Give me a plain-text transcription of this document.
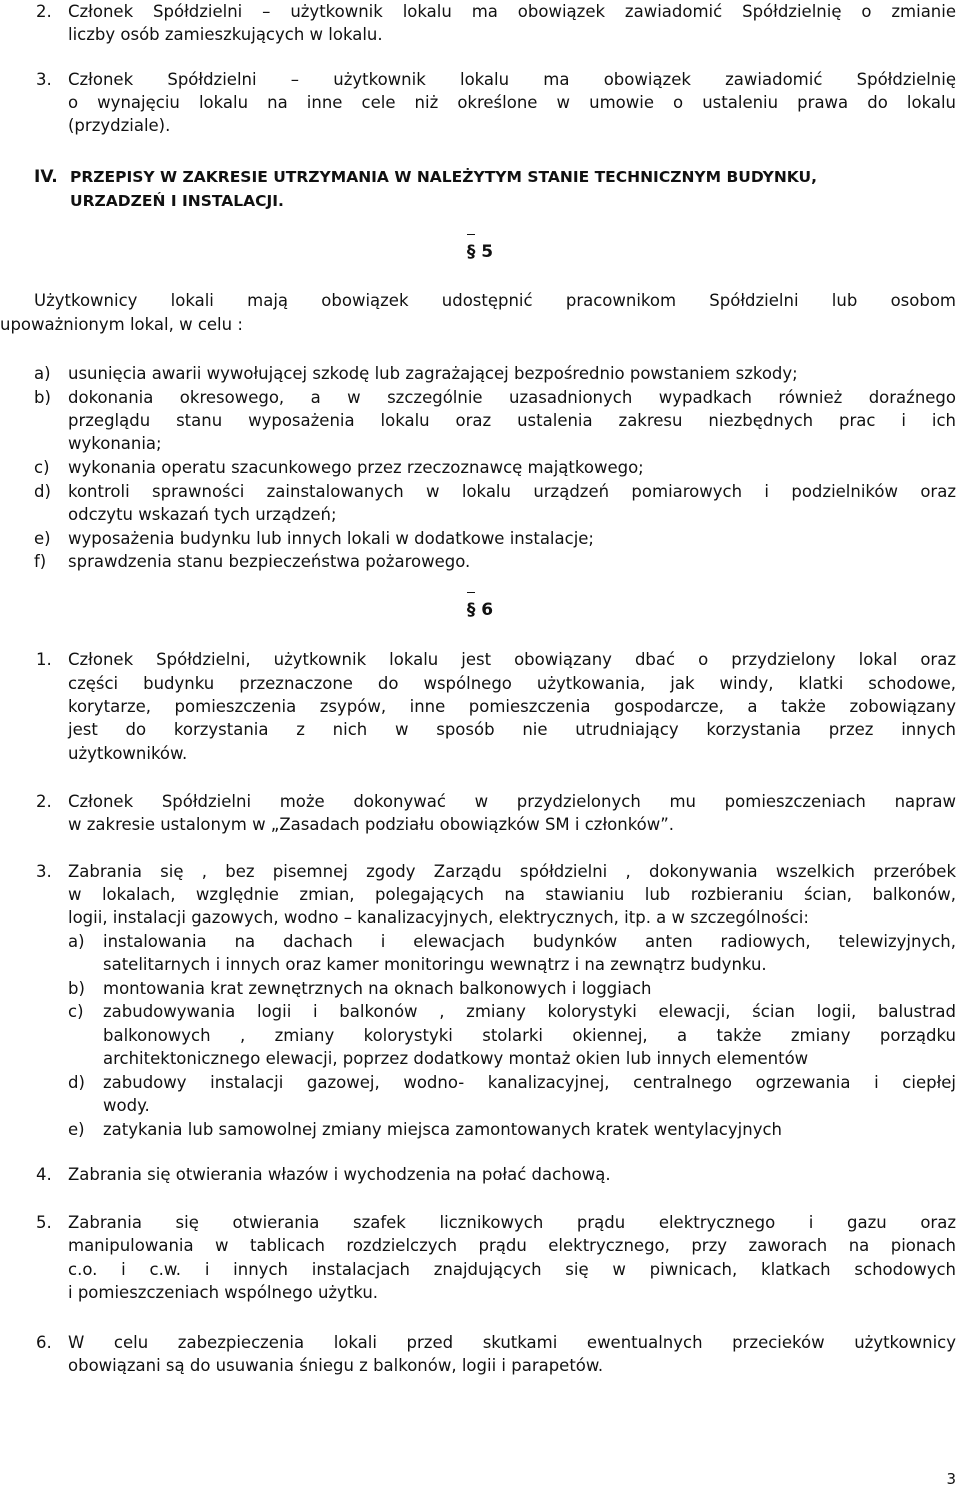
2. Członek Spółdzielni – użytkownik lokalu ma obowiązek zawiadomić Spółdzielnię o zmianie
liczby osób zamieszkujących w lokalu.
3. Członek Spółdzielni – użytkownik lokalu ma obowiązek zawiadomić Spółdzielnię
o wynajęciu lokalu na inne cele niż określone w umowie o ustaleniu prawa do lokalu
(przydziale).
IV. PRZEPISY W ZAKRESIE UTRZYMANIA W NALEŻYTYM STANIE TECHNICZNYM BUDYNKU,
URZADZEŃ I INSTALACJI.
§ 5
Użytkownicy lokali mają obowiązek udostępnić pracownikom Spółdzielni lub osobom
upoważnionym lokal, w celu :
a) usunięcia awarii wywołującej szkodę lub zagrażającej bezpośrednio powstaniem szkody;
b) dokonania okresowego, a w szczególnie uzasadnionych wypadkach również doraźnego
przeglądu stanu wyposażenia lokalu oraz ustalenia zakresu niezbędnych prac i ich
wykonania;
c) wykonania operatu szacunkowego przez rzeczoznawcę majątkowego;
d) kontroli sprawności zainstalowanych w lokalu urządzeń pomiarowych i podzielników oraz
odczytu wskazań tych urządzeń;
e) wyposażenia budynku lub innych lokali w dodatkowe instalacje;
f) sprawdzenia stanu bezpieczeństwa pożarowego.
§ 6
1. Członek Spółdzielni, użytkownik lokalu jest obowiązany dbać o przydzielony lokal oraz
części budynku przeznaczone do wspólnego użytkowania, jak windy, klatki schodowe,
korytarze, pomieszczenia zsypów, inne pomieszczenia gospodarcze, a także zobowiązany
jest do korzystania z nich w sposób nie utrudniający korzystania przez innych
użytkowników.
2. Członek Spółdzielni może dokonywać w przydzielonych mu pomieszczeniach napraw
w zakresie ustalonym w „Zasadach podziału obowiązków SM i członków”.
3. Zabrania się , bez pisemnej zgody Zarządu spółdzielni , dokonywania wszelkich przeróbek
w lokalach, względnie zmian, polegających na stawianiu lub rozbieraniu ścian, balkonów,
logii, instalacji gazowych, wodno – kanalizacyjnych, elektrycznych, itp. a w szczególności:
a) instalowania na dachach i elewacjach budynków anten radiowych, telewizyjnych,
satelitarnych i innych oraz kamer monitoringu wewnątrz i na zewnątrz budynku.
b) montowania krat zewnętrznych na oknach balkonowych i loggiach
c) zabudowywania logii i balkonów , zmiany kolorystyki elewacji, ścian logii, balustrad
balkonowych , zmiany kolorystyki stolarki okiennej, a także zmiany porządku
architektonicznego elewacji, poprzez dodatkowy montaż okien lub innych elementów
d) zabudowy instalacji gazowej, wodno- kanalizacyjnej, centralnego ogrzewania i ciepłej
wody.
e) zatykania lub samowolnej zmiany miejsca zamontowanych kratek wentylacyjnych
4. Zabrania się otwierania włazów i wychodzenia na połać dachową.
5. Zabrania się otwierania szafek licznikowych prądu elektrycznego i gazu oraz
manipulowania w tablicach rozdzielczych prądu elektrycznego, przy zaworach na pionach
c.o. i c.w. i innych instalacjach znajdujących się w piwnicach, klatkach schodowych
i pomieszczeniach wspólnego użytku.
6. W celu zabezpieczenia lokali przed skutkami ewentualnych przecieków użytkownicy
obowiązani są do usuwania śniegu z balkonów, logii i parapetów.
3
